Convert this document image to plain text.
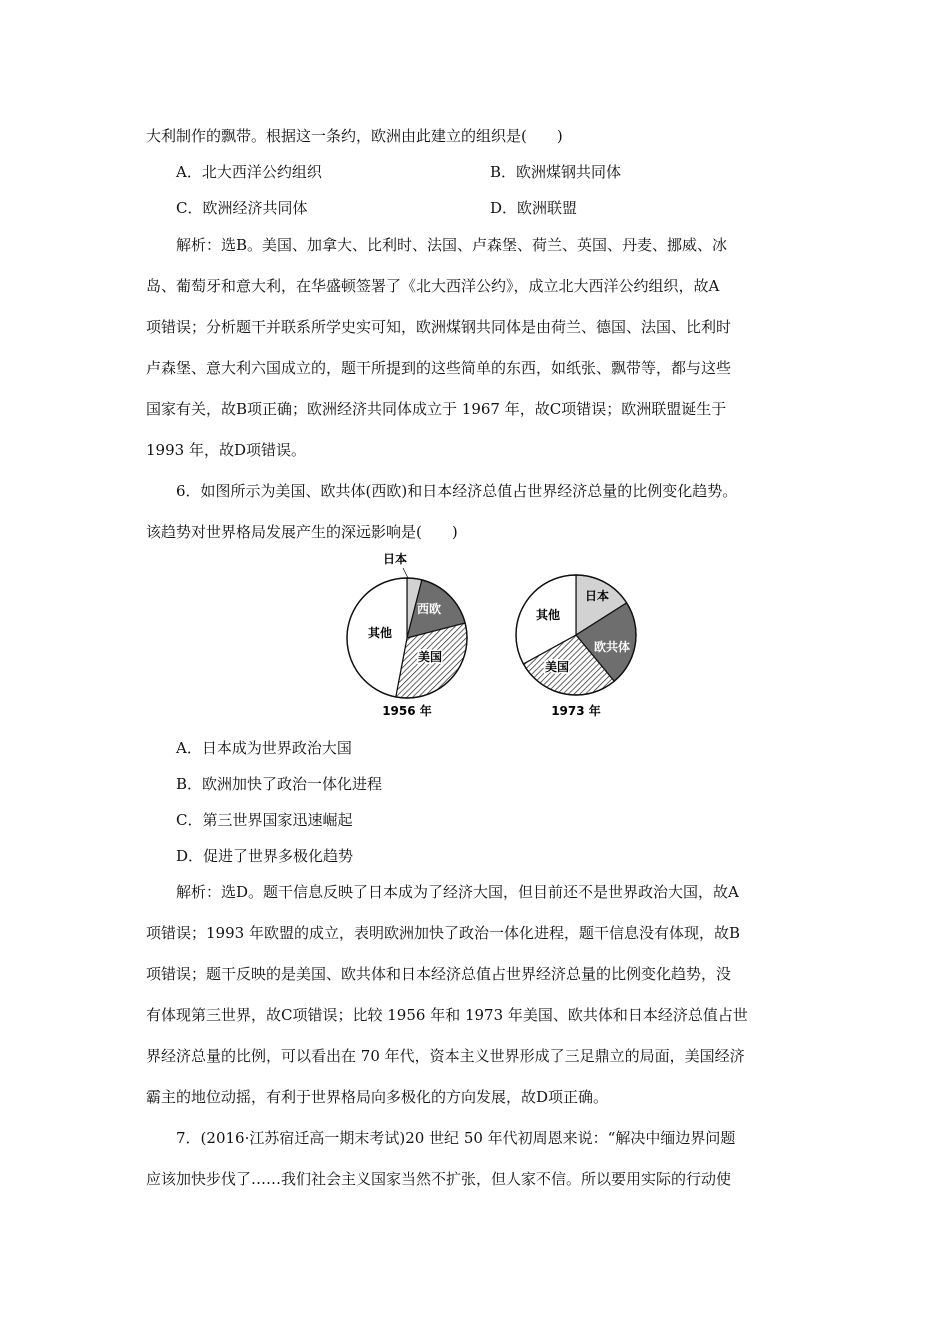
大利制作的飘带。根据这一条约，欧洲由此建立的组织是(　　)
A．北大西洋公约组织	B．欧洲煤钢共同体
C．欧洲经济共同体	D．欧洲联盟
解析：选B。美国、加拿大、比利时、法国、卢森堡、荷兰、英国、丹麦、挪威、冰
岛、葡萄牙和意大利，在华盛顿签署了《北大西洋公约》，成立北大西洋公约组织，故A
项错误；分析题干并联系所学史实可知，欧洲煤钢共同体是由荷兰、德国、法国、比利时
卢森堡、意大利六国成立的，题干所提到的这些简单的东西，如纸张、飘带等，都与这些
国家有关，故B项正确；欧洲经济共同体成立于 1967 年，故C项错误；欧洲联盟诞生于
1993 年，故D项错误。
6．如图所示为美国、欧共体(西欧)和日本经济总值占世界经济总量的比例变化趋势。
该趋势对世界格局发展产生的深远影响是(　　)
日本
西欧
美国
其他
1956 年
日本
欧共体
美国
其他
1973 年
A．日本成为世界政治大国
B．欧洲加快了政治一体化进程
C．第三世界国家迅速崛起
D．促进了世界多极化趋势
解析：选D。题干信息反映了日本成为了经济大国，但目前还不是世界政治大国，故A
项错误；1993 年欧盟的成立，表明欧洲加快了政治一体化进程，题干信息没有体现，故B
项错误；题干反映的是美国、欧共体和日本经济总值占世界经济总量的比例变化趋势，没
有体现第三世界，故C项错误；比较 1956 年和 1973 年美国、欧共体和日本经济总值占世
界经济总量的比例，可以看出在 70 年代，资本主义世界形成了三足鼎立的局面，美国经济
霸主的地位动摇，有利于世界格局向多极化的方向发展，故D项正确。
7．(2016·江苏宿迁高一期末考试)20 世纪 50 年代初周恩来说：“解决中缅边界问题
应该加快步伐了……我们社会主义国家当然不扩张，但人家不信。所以要用实际的行动使
